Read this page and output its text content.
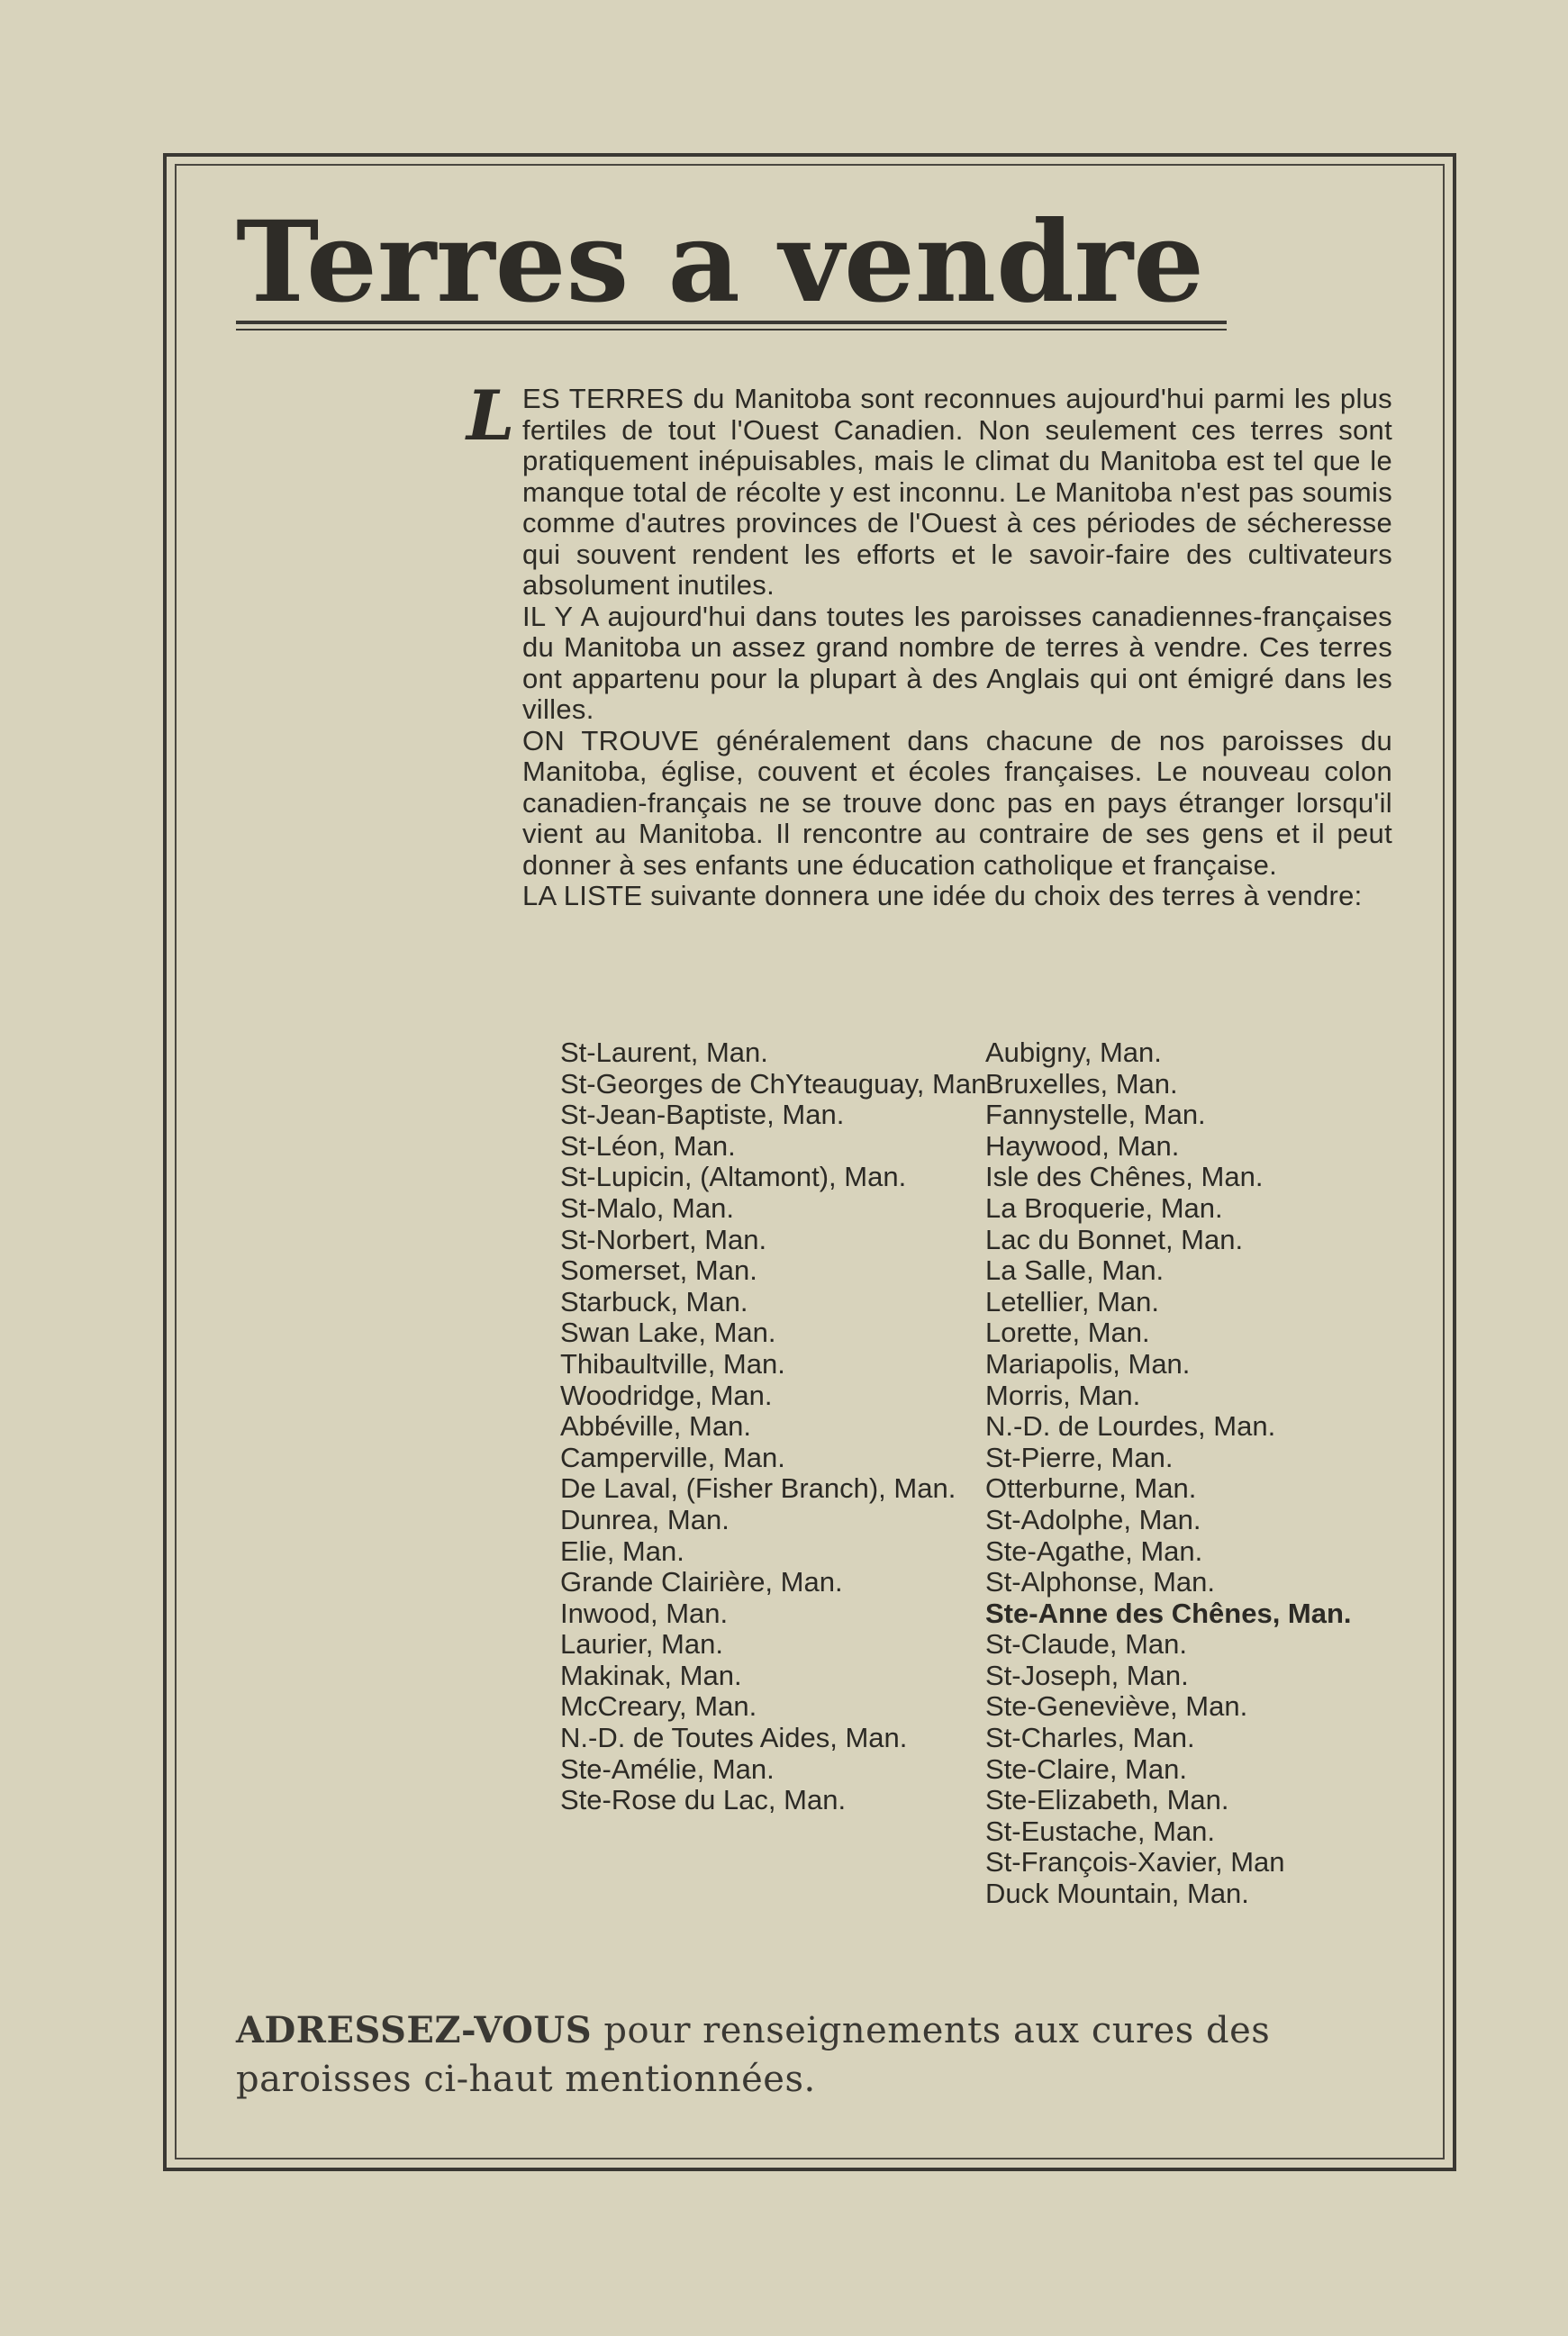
Terres a vendre

LES TERRES du Manitoba sont reconnues aujourd'hui parmi les plus fertiles de tout l'Ouest Canadien. Non seulement ces terres sont pratiquement inépuisables, mais le climat du Manitoba est tel que le manque total de récolte y est inconnu. Le Manitoba n'est pas soumis comme d'autres provinces de l'Ouest à ces périodes de sécheresse qui souvent rendent les efforts et le savoir-faire des cultivateurs absolument inutiles.

IL Y A aujourd'hui dans toutes les paroisses canadiennes-françaises du Manitoba un assez grand nombre de terres à vendre. Ces terres ont appartenu pour la plupart à des Anglais qui ont émigré dans les villes.

ON TROUVE généralement dans chacune de nos paroisses du Manitoba, église, couvent et écoles françaises. Le nouveau colon canadien-français ne se trouve donc pas en pays étranger lorsqu'il vient au Manitoba. Il rencontre au contraire de ses gens et il peut donner à ses enfants une éducation catholique et française.

LA LISTE suivante donnera une idée du choix des terres à vendre:

St-Laurent, Man.
St-Georges de ChYteauguay, Man.
St-Jean-Baptiste, Man.
St-Léon, Man.
St-Lupicin, (Altamont), Man.
St-Malo, Man.
St-Norbert, Man.
Somerset, Man.
Starbuck, Man.
Swan Lake, Man.
Thibaultville, Man.
Woodridge, Man.
Abbéville, Man.
Camperville, Man.
De Laval, (Fisher Branch), Man.
Dunrea, Man.
Elie, Man.
Grande Clairière, Man.
Inwood, Man.
Laurier, Man.
Makinak, Man.
McCreary, Man.
N.-D. de Toutes Aides, Man.
Ste-Amélie, Man.
Ste-Rose du Lac, Man.
Aubigny, Man.
Bruxelles, Man.
Fannystelle, Man.
Haywood, Man.
Isle des Chênes, Man.
La Broquerie, Man.
Lac du Bonnet, Man.
La Salle, Man.
Letellier, Man.
Lorette, Man.
Mariapolis, Man.
Morris, Man.
N.-D. de Lourdes, Man.
St-Pierre, Man.
Otterburne, Man.
St-Adolphe, Man.
Ste-Agathe, Man.
St-Alphonse, Man.
Ste-Anne des Chênes, Man.
St-Claude, Man.
St-Joseph, Man.
Ste-Geneviève, Man.
St-Charles, Man.
Ste-Claire, Man.
Ste-Elizabeth, Man.
St-Eustache, Man.
St-François-Xavier, Man
Duck Mountain, Man.
ADRESSEZ-VOUS pour renseignements aux cures des paroisses ci-haut mentionnées.
